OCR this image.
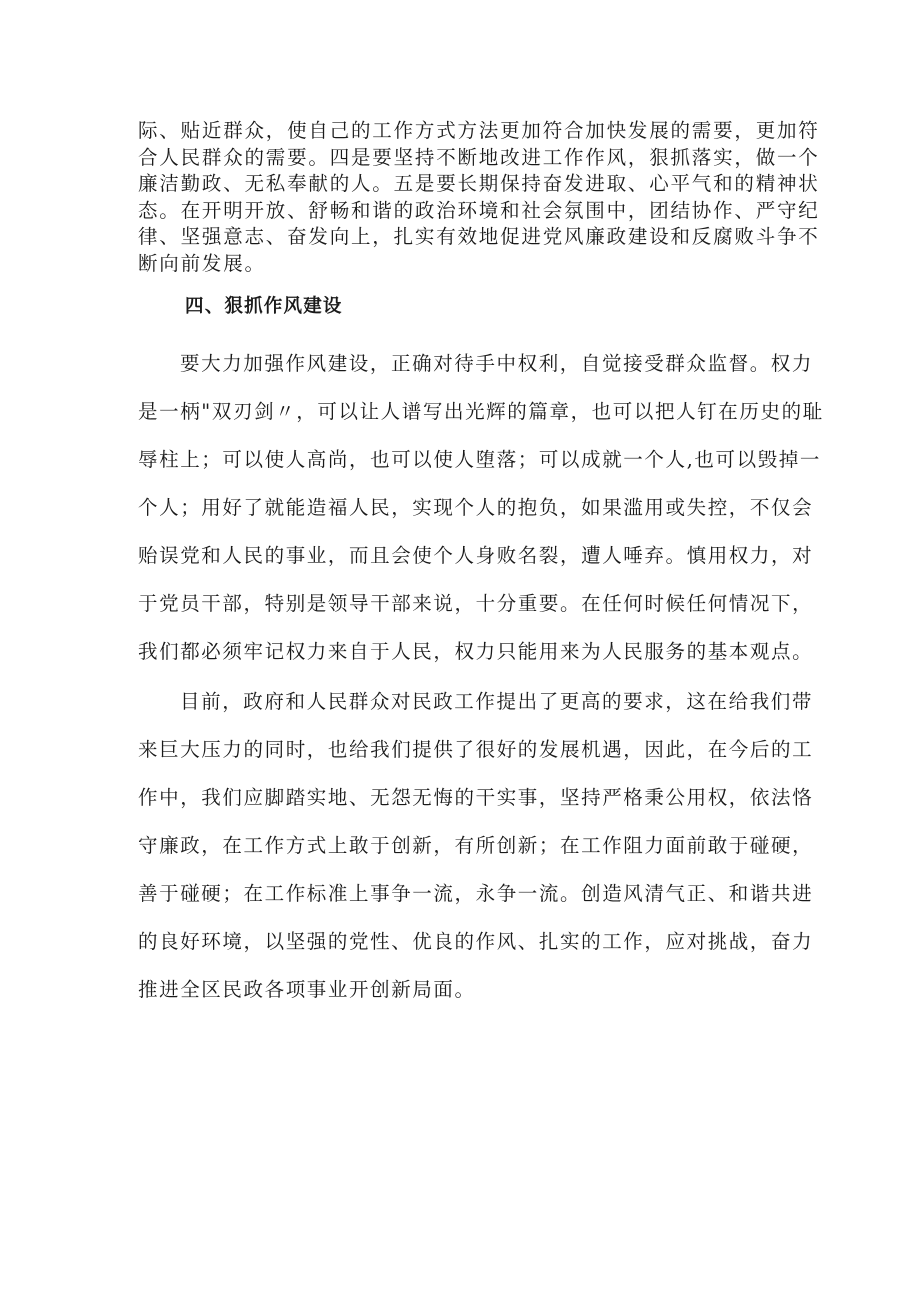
际、贴近群众，使自己的工作方式方法更加符合加快发展的需要，更加符
合人民群众的需要。四是要坚持不断地改进工作作风，狠抓落实，做一个
廉洁勤政、无私奉献的人。五是要长期保持奋发进取、心平气和的精神状
态。在开明开放、舒畅和谐的政治环境和社会氛围中，团结协作、严守纪
律、坚强意志、奋发向上，扎实有效地促进党风廉政建设和反腐败斗争不
断向前发展。
四、狠抓作风建设
要大力加强作风建设，正确对待手中权利，自觉接受群众监督。权力
是一柄"双刃剑〃，可以让人谱写出光辉的篇章，也可以把人钉在历史的耻
辱柱上；可以使人高尚，也可以使人堕落；可以成就一个人,也可以毁掉一
个人；用好了就能造福人民，实现个人的抱负，如果滥用或失控，不仅会
贻误党和人民的事业，而且会使个人身败名裂，遭人唾弃。慎用权力，对
于党员干部，特别是领导干部来说，十分重要。在任何时候任何情况下，
我们都必须牢记权力来自于人民，权力只能用来为人民服务的基本观点。
目前，政府和人民群众对民政工作提出了更高的要求，这在给我们带
来巨大压力的同时，也给我们提供了很好的发展机遇，因此，在今后的工
作中，我们应脚踏实地、无怨无悔的干实事，坚持严格秉公用权，依法恪
守廉政，在工作方式上敢于创新，有所创新；在工作阻力面前敢于碰硬，
善于碰硬；在工作标准上事争一流，永争一流。创造风清气正、和谐共进
的良好环境，以坚强的党性、优良的作风、扎实的工作，应对挑战，奋力
推进全区民政各项事业开创新局面。
